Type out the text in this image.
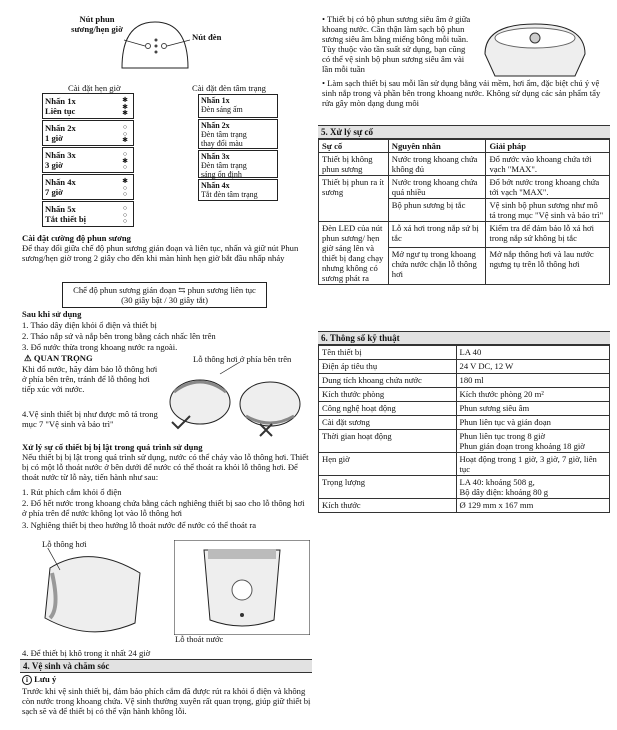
Nút phun
sương/hẹn giờ
Nút đèn
Cài đặt hẹn giờ
Nhấn 1x
Liên tục
✱
✱
✱
Nhấn 2x
1 giờ
○
○
✱
Nhấn 3x
3 giờ
○
✱
○
Nhấn 4x
7 giờ
✱
○
○
Nhấn 5x
Tắt thiết bị
○
○
○
Cài đặt đèn tâm trạng
Nhấn 1x
Đèn sáng ấm
Nhấn 2x
Đèn tâm trạng
thay đổi màu
Nhấn 3x
Đèn tâm trạng
sáng ổn định
Nhấn 4x
Tắt đèn tâm trạng
Cài đặt cường độ phun sương
Để thay đổi giữa chế độ phun sương gián đoạn và liên tục, nhấn và giữ nút Phun sương/hẹn giờ trong 2 giây cho đến khi màn hình hẹn giờ bắt đầu nhấp nháy
Chế độ phun sương gián đoạn ⇆ phun sương liên tục (30 giây bật / 30 giây tắt)
Sau khi sử dụng
1. Tháo dây điện khỏi ổ điện và thiết bị
2. Tháo nắp sứ và nắp bên trong bằng cách nhấc lên trên
3. Đổ nước thừa trong khoang nước ra ngoài.
⚠ QUAN TRỌNG
Khi đổ nước, hãy đảm bảo lỗ thông hơi ở phía bên trên, tránh để lỗ thông hơi tiếp xúc với nước.
4.Vệ sinh thiết bị như được mô tả trong mục 7 "Vệ sinh và bảo trì"
Lỗ thông hơi ở phía bên trên
Xử lý sự cố thiết bị bị lật trong quá trình sử dụng
Nếu thiết bị bị lật trong quá trình sử dụng, nước có thể chảy vào lỗ thông hơi. Thiết bị có một lỗ thoát nước ở bên dưới để nước có thể thoát ra khỏi lỗ thông hơi. Để thoát nước từ lỗ này, tiến hành như sau:
1. Rút phích cắm khỏi ổ điện
2. Đổ hết nước trong khoang chứa bằng cách nghiêng thiết bị sao cho lỗ thông hơi ở phía trên để nước không lọt vào lỗ thông hơi
3. Nghiêng thiết bị theo hướng lỗ thoát nước để nước có thể thoát ra
Lỗ thông hơi
Lỗ thoát nước
4. Để thiết bị khô trong ít nhất 24 giờ
4. Vệ sinh và chăm sóc
i Lưu ý
Trước khi vệ sinh thiết bị, đảm bảo phích cắm đã được rút ra khỏi ổ điện và không còn nước trong khoang chứa. Vệ sinh thường xuyên rất quan trọng, giúp giữ thiết bị sạch sẽ và để thiết bị có thể vận hành không lỗi.
• Thiết bị có bộ phun sương siêu âm ở giữa khoang nước. Cần thận làm sạch bộ phun sương siêu âm bằng miếng bông mỗi tuần. Tùy thuộc vào tần suất sử dụng, bạn cũng có thể vệ sinh bộ phun sương siêu âm vài lần mỗi tuần
• Làm sạch thiết bị sau mỗi lần sử dụng bằng vải mềm, hơi ẩm, đặc biệt chú ý vệ sinh nắp trong và phần bên trong khoang nước. Không sử dụng các sản phẩm tẩy rửa gây mòn dạng dung môi
5. Xử lý sự cố
Sự cố	Nguyên nhân	Giải pháp
Thiết bị không phun sương	Nước trong khoang chứa không đủ	Đổ nước vào khoang chứa tới vạch "MAX".
Thiết bị phun ra ít sương	Nước trong khoang chứa quá nhiều	Đổ bớt nước trong khoang chứa tới vạch "MAX".
	Bộ phun sương bị tắc	Vệ sinh bộ phun sương như mô tả trong mục "Vệ sinh và bảo trì"
Đèn LED của nút phun sương/ hẹn giờ sáng lên và thiết bị đang chạy nhưng không có sương phát ra	Lỗ xả hơi trong nắp sứ bị tắc	Kiểm tra để đảm bảo lỗ xả hơi trong nắp sứ không bị tắc
	Mở ngư tụ trong khoang chứa nước chặn lỗ thông hơi	Mở nắp thông hơi và lau nước ngưng tụ trên lỗ thông hơi
6. Thông số kỹ thuật
Tên thiết bị	LA 40
Điện áp tiêu thụ	24 V DC, 12 W
Dung tích khoang chứa nước	180 ml
Kích thước phòng	Kích thước phòng 20 m²
Công nghệ hoạt động	Phun sương siêu âm
Cài đặt sương	Phun liên tục và gián đoạn
Thời gian hoạt động	Phun liên tục trong 8 giờ
Phun gián đoạn trong khoảng 18 giờ
Hẹn giờ	Hoạt động trong 1 giờ, 3 giờ, 7 giờ, liên tục
Trọng lượng	LA 40: khoảng 508 g,
Bộ dây điện: khoảng 80 g
Kích thước	Ø 129 mm x 167 mm
